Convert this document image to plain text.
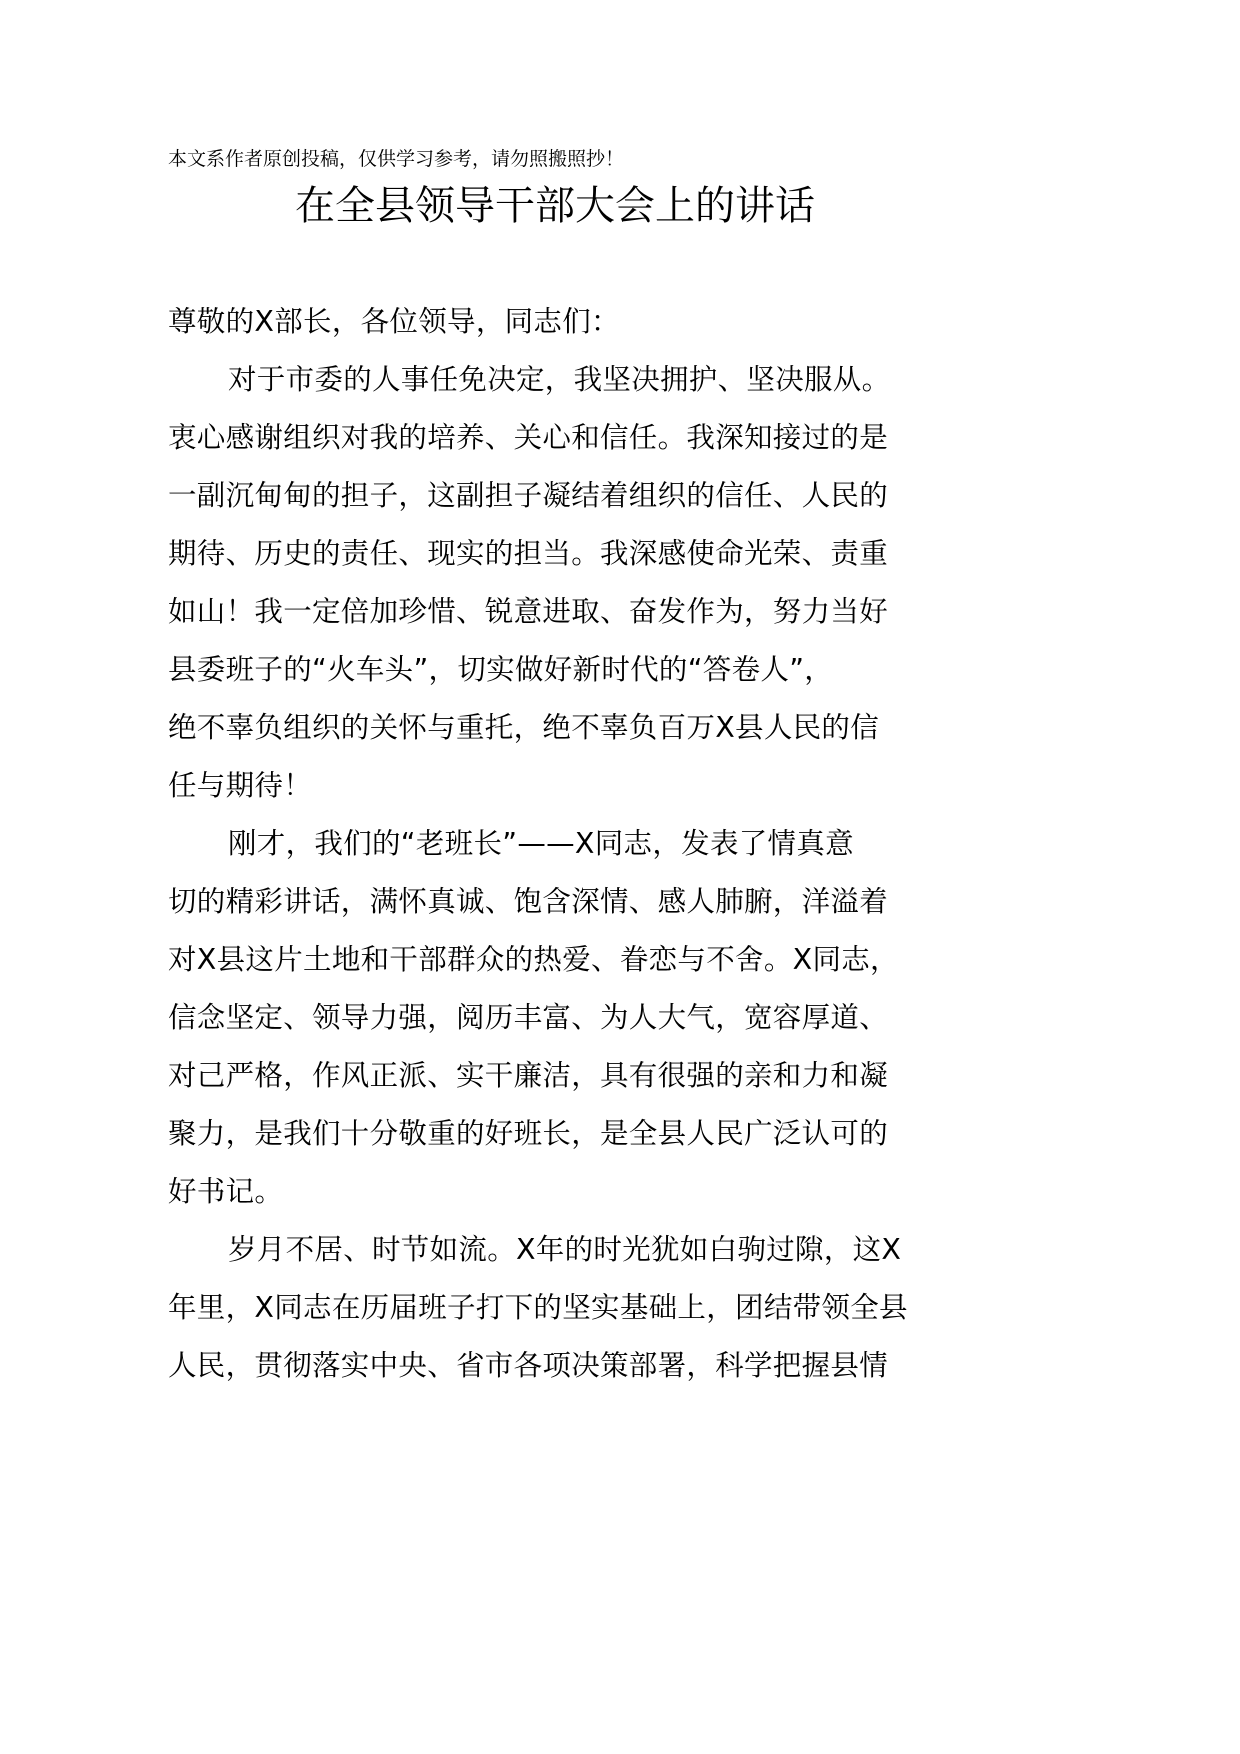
本文系作者原创投稿，仅供学习参考，请勿照搬照抄！
在全县领导干部大会上的讲话
尊敬的X部长，各位领导，同志们：
对于市委的人事任免决定，我坚决拥护、坚决服从。
衷心感谢组织对我的培养、关心和信任。我深知接过的是
一副沉甸甸的担子，这副担子凝结着组织的信任、人民的
期待、历史的责任、现实的担当。我深感使命光荣、责重
如山！我一定倍加珍惜、锐意进取、奋发作为，努力当好
县委班子的“火车头”，切实做好新时代的“答卷人”，
绝不辜负组织的关怀与重托，绝不辜负百万X县人民的信
任与期待！
刚才，我们的“老班长”——X同志，发表了情真意
切的精彩讲话，满怀真诚、饱含深情、感人肺腑，洋溢着
对X县这片土地和干部群众的热爱、眷恋与不舍。X同志，
信念坚定、领导力强，阅历丰富、为人大气，宽容厚道、
对己严格，作风正派、实干廉洁，具有很强的亲和力和凝
聚力，是我们十分敬重的好班长，是全县人民广泛认可的
好书记。
岁月不居、时节如流。X年的时光犹如白驹过隙，这X
年里，X同志在历届班子打下的坚实基础上，团结带领全县
人民，贯彻落实中央、省市各项决策部署，科学把握县情
